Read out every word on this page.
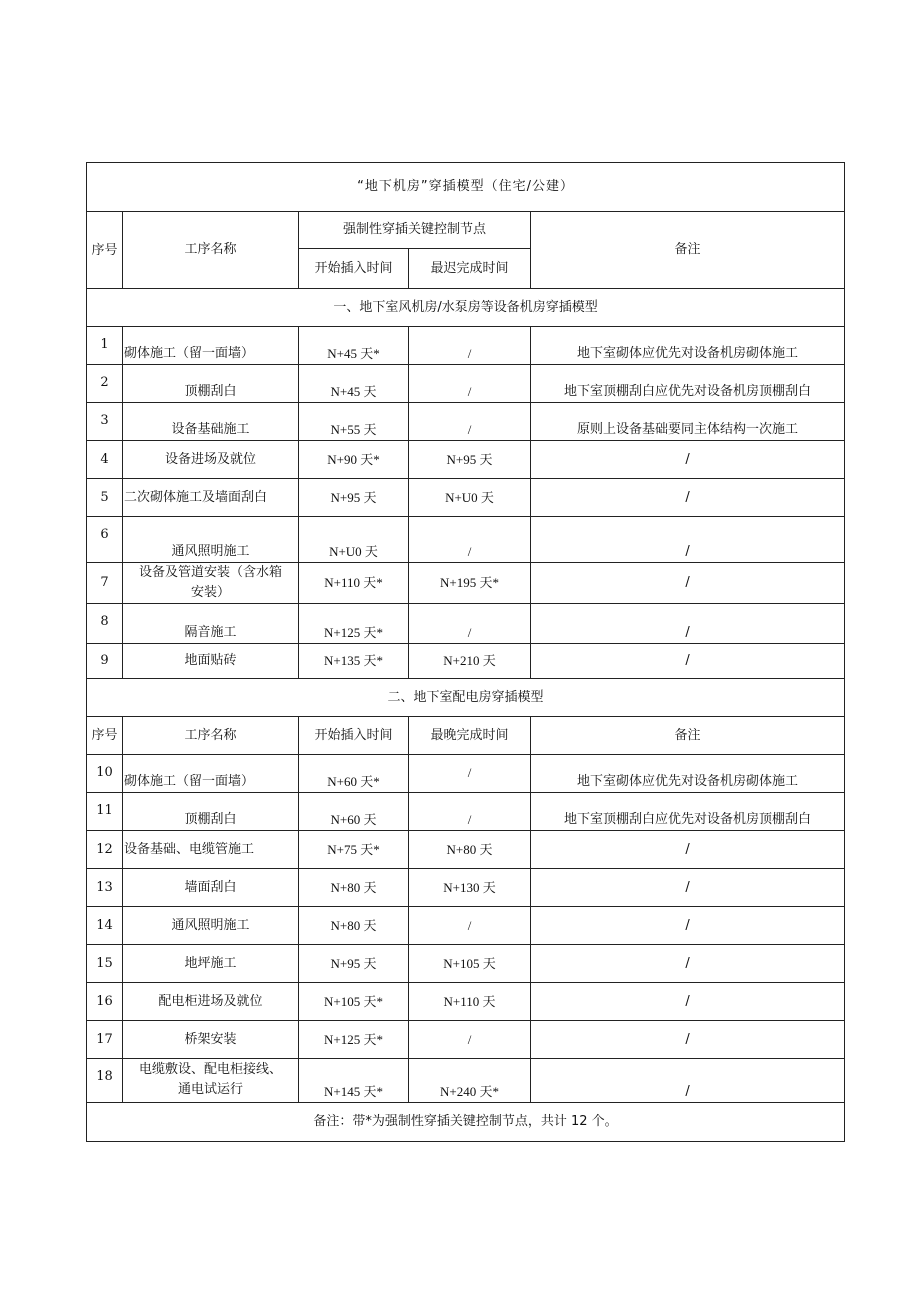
“地下机房”穿插模型（住宅/公建）				
序号	工序名称	强制性穿插关键控制节点		备注
		开始插入时间	最迟完成时间	
一、地下室风机房/水泵房等设备机房穿插模型				
1	砌体施工（留一面墙）	N+45 天*	/	地下室砌体应优先对设备机房砌体施工
2	顶棚刮白	N+45 天	/	地下室顶棚刮白应优先对设备机房顶棚刮白
3	设备基础施工	N+55 天	/	原则上设备基础要同主体结构一次施工
4	设备进场及就位	N+90 天*	N+95 天	/
5	二次砌体施工及墙面刮白	N+95 天	N+U0 天	/
6	通风照明施工	N+U0 天	/	/
7	设备及管道安装（含水箱安装）	N+110 天*	N+195 天*	/
8	隔音施工	N+125 天*	/	/
9	地面贴砖	N+135 天*	N+210 天	/
二、地下室配电房穿插模型				
序号	工序名称	开始插入时间	最晚完成时间	备注
10	砌体施工（留一面墙）	N+60 天*	/	地下室砌体应优先对设备机房砌体施工
11	顶棚刮白	N+60 天	/	地下室顶棚刮白应优先对设备机房顶棚刮白
12	设备基础、电缆管施工	N+75 天*	N+80 天	/
13	墙面刮白	N+80 天	N+130 天	/
14	通风照明施工	N+80 天	/	/
15	地坪施工	N+95 天	N+105 天	/
16	配电柜进场及就位	N+105 天*	N+110 天	/
17	桥架安装	N+125 天*	/	/
18	电缆敷设、配电柜接线、通电试运行	N+145 天*	N+240 天*	/
备注：带*为强制性穿插关键控制节点，共计 12 个。				
